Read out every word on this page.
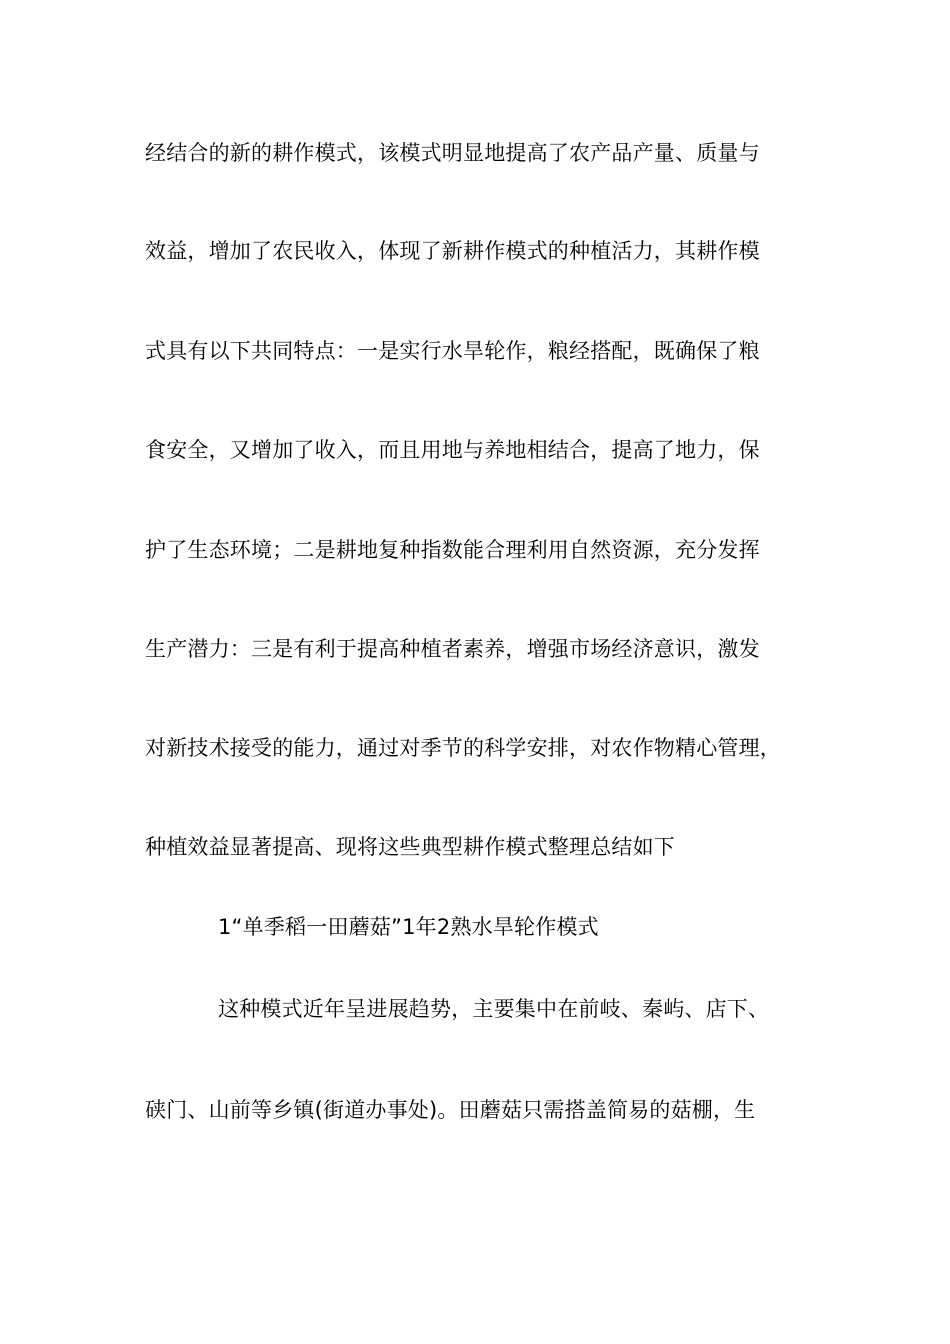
经结合的新的耕作模式，该模式明显地提高了农产品产量、质量与
效益，增加了农民收入，体现了新耕作模式的种植活力，其耕作模
式具有以下共同特点：一是实行水旱轮作，粮经搭配，既确保了粮
食安全，又增加了收入，而且用地与养地相结合，提高了地力，保
护了生态环境；二是耕地复种指数能合理利用自然资源，充分发挥
生产潜力：三是有利于提高种植者素养，增强市场经济意识，激发
对新技术接受的能力，通过对季节的科学安排，对农作物精心管理，
种植效益显著提高、现将这些典型耕作模式整理总结如下
1“单季稻一田蘑菇”1年2熟水旱轮作模式
这种模式近年呈进展趋势，主要集中在前岐、秦屿、店下、
硖门、山前等乡镇(街道办事处)。田蘑菇只需搭盖简易的菇棚，生
